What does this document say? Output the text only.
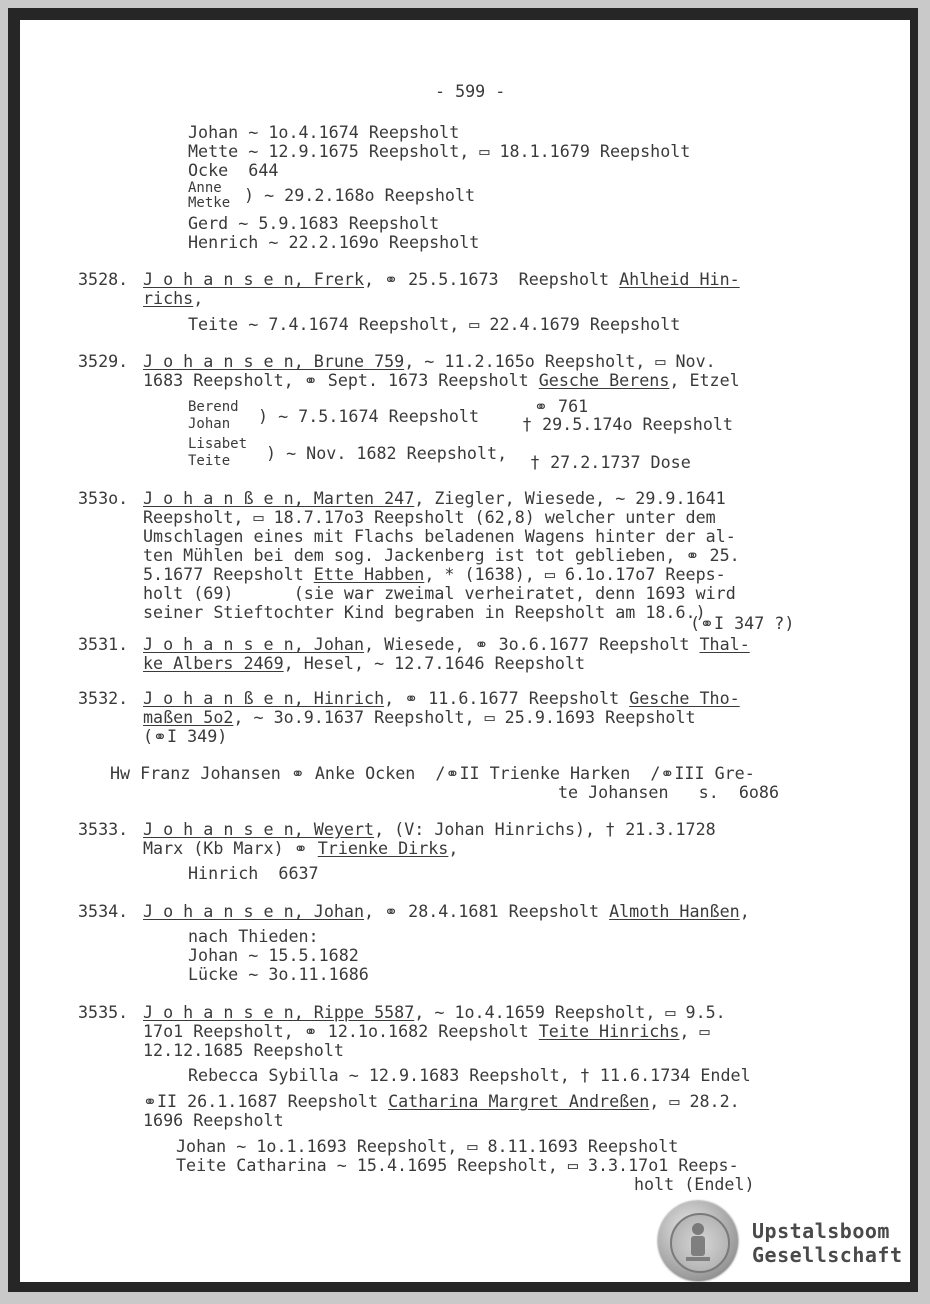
- 599 -

Johan ~ 1o.4.1674 Reepsholt

Mette ~ 12.9.1675 Reepsholt, ▭ 18.1.1679 Reepsholt

Ocke  644

Anne

Metke ) ~ 29.2.168o Reepsholt

Gerd ~ 5.9.1683 Reepsholt

Henrich ~ 22.2.169o Reepsholt

3528. J o h a n s e n, Frerk, ⚭ 25.5.1673  Reepsholt Ahlheid Hin-

richs,

Teite ~ 7.4.1674 Reepsholt, ▭ 22.4.1679 Reepsholt

3529. J o h a n s e n, Brune 759, ~ 11.2.165o Reepsholt, ▭ Nov.

1683 Reepsholt, ⚭ Sept. 1673 Reepsholt Gesche Berens, Etzel

Berend

Johan ) ~ 7.5.1674 Reepsholt	⚭ 761

† 29.5.174o Reepsholt

Lisabet

Teite ) ~ Nov. 1682 Reepsholt, † 27.2.1737 Dose

353o. J o h a n ß e n, Marten 247, Ziegler, Wiesede, ~ 29.9.1641

Reepsholt, ▭ 18.7.17o3 Reepsholt (62,8) welcher unter dem

Umschlagen eines mit Flachs beladenen Wagens hinter der al-

ten Mühlen bei dem sog. Jackenberg ist tot geblieben, ⚭ 25.

5.1677 Reepsholt Ette Habben, * (1638), ▭ 6.1o.17o7 Reeps-

holt (69)      (sie war zweimal verheiratet, denn 1693 wird

seiner Stieftochter Kind begraben in Reepsholt am 18.6.)

(⚭I 347 ?)

3531. J o h a n s e n, Johan, Wiesede, ⚭ 3o.6.1677 Reepsholt Thal-

ke Albers 2469, Hesel, ~ 12.7.1646 Reepsholt

3532. J o h a n ß e n, Hinrich, ⚭ 11.6.1677 Reepsholt Gesche Tho-

maßen 5o2, ~ 3o.9.1637 Reepsholt, ▭ 25.9.1693 Reepsholt

(⚭I 349)

Hw Franz Johansen ⚭ Anke Ocken  /⚭II Trienke Harken  /⚭III Gre-

te Johansen   s.  6o86

3533. J o h a n s e n, Weyert, (V: Johan Hinrichs), † 21.3.1728

Marx (Kb Marx) ⚭ Trienke Dirks,

Hinrich  6637

3534. J o h a n s e n, Johan, ⚭ 28.4.1681 Reepsholt Almoth Hanßen,

nach Thieden:

Johan ~ 15.5.1682

Lücke ~ 3o.11.1686

3535. J o h a n s e n, Rippe 5587, ~ 1o.4.1659 Reepsholt, ▭ 9.5.

17o1 Reepsholt, ⚭ 12.1o.1682 Reepsholt Teite Hinrichs, ▭

12.12.1685 Reepsholt

Rebecca Sybilla ~ 12.9.1683 Reepsholt, † 11.6.1734 Endel

⚭II 26.1.1687 Reepsholt Catharina Margret Andreßen, ▭ 28.2.

1696 Reepsholt

Johan ~ 1o.1.1693 Reepsholt, ▭ 8.11.1693 Reepsholt

Teite Catharina ~ 15.4.1695 Reepsholt, ▭ 3.3.17o1 Reeps-

holt (Endel)

Upstalsboom
Gesellschaft
